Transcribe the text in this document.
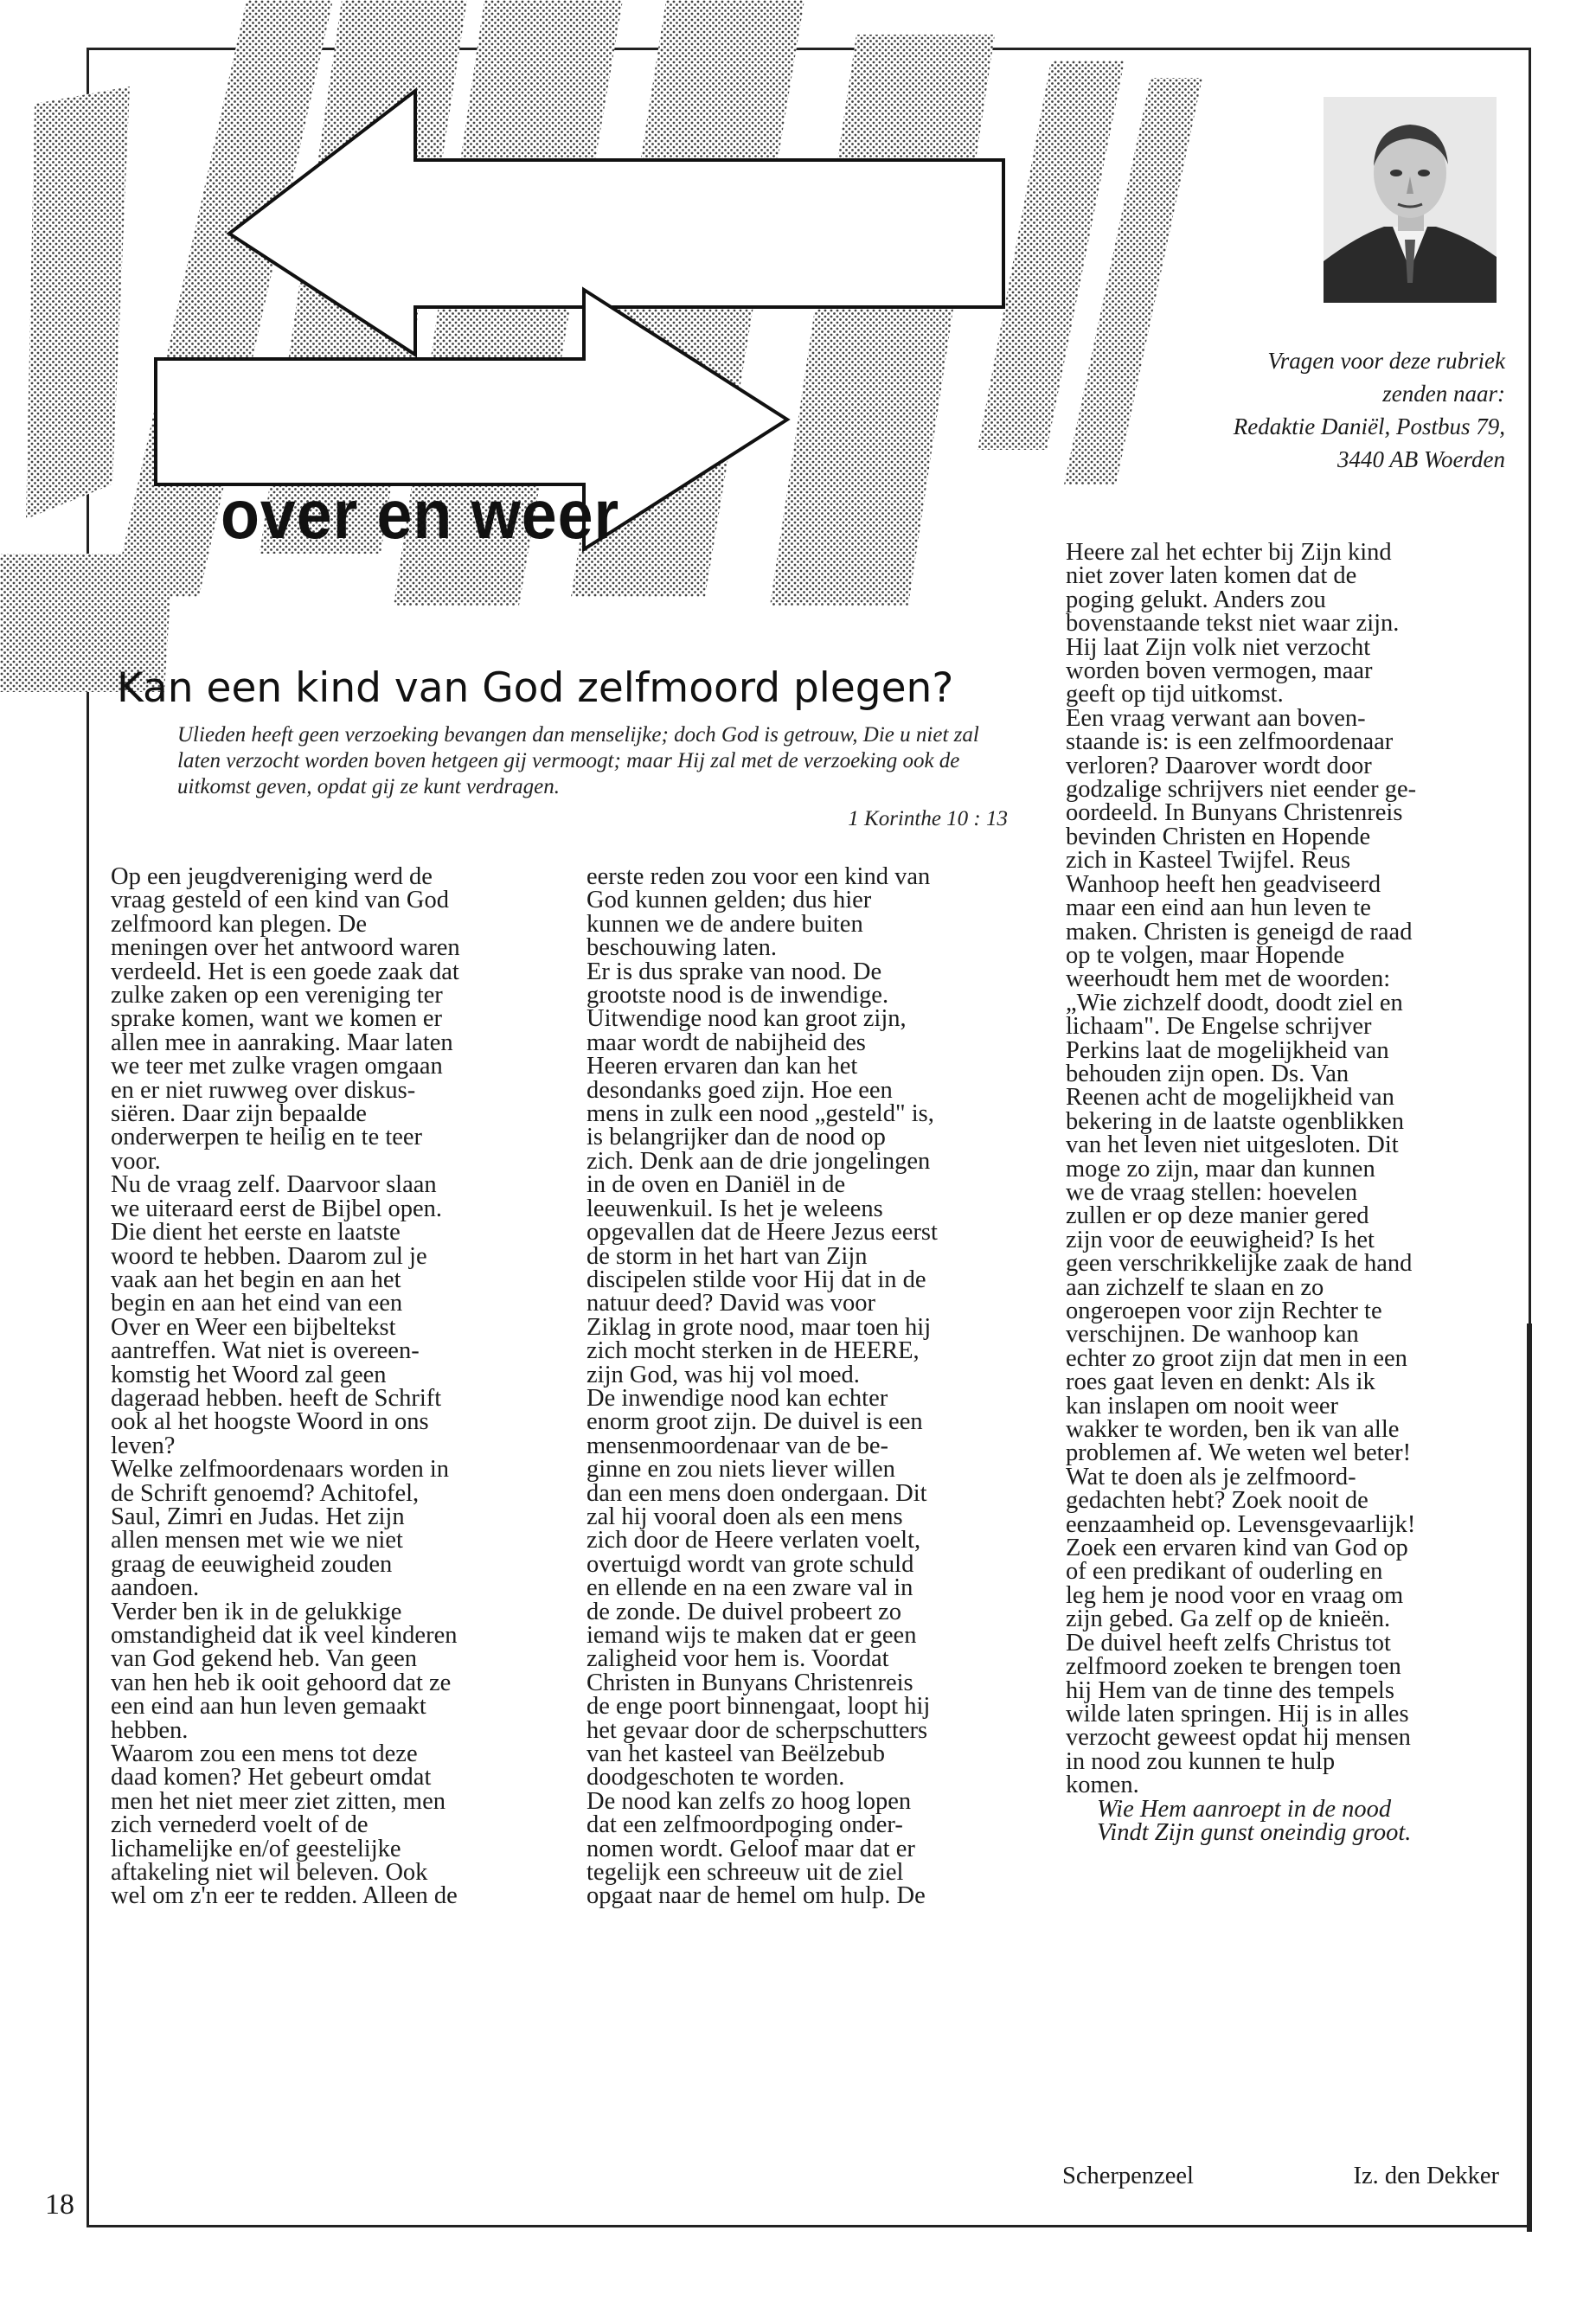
over en weer
Vragen voor deze rubriek
zenden naar:
Redaktie Daniël, Postbus 79,
3440 AB Woerden
Kan een kind van God zelfmoord plegen?
Ulieden heeft geen verzoeking bevangen dan menselijke; doch God is getrouw, Die u niet zal laten verzocht worden boven hetgeen gij vermoogt; maar Hij zal met de verzoeking ook de uitkomst geven, opdat gij ze kunt verdragen.
1 Korinthe 10 : 13

Op een jeugdvereniging werd de

vraag gesteld of een kind van God

zelfmoord kan plegen. De

meningen over het antwoord waren

verdeeld. Het is een goede zaak dat

zulke zaken op een vereniging ter

sprake komen, want we komen er

allen mee in aanraking. Maar laten

we teer met zulke vragen omgaan

en er niet ruwweg over diskus-

siëren. Daar zijn bepaalde

onderwerpen te heilig en te teer

voor.

Nu de vraag zelf. Daarvoor slaan

we uiteraard eerst de Bijbel open.

Die dient het eerste en laatste

woord te hebben. Daarom zul je

vaak aan het begin en aan het

begin en aan het eind van een

Over en Weer een bijbeltekst

aantreffen. Wat niet is overeen-

komstig het Woord zal geen

dageraad hebben. heeft de Schrift

ook al het hoogste Woord in ons

leven?

Welke zelfmoordenaars worden in

de Schrift genoemd? Achitofel,

Saul, Zimri en Judas. Het zijn

allen mensen met wie we niet

graag de eeuwigheid zouden

aandoen.

Verder ben ik in de gelukkige

omstandigheid dat ik veel kinderen

van God gekend heb. Van geen

van hen heb ik ooit gehoord dat ze

een eind aan hun leven gemaakt

hebben.

Waarom zou een mens tot deze

daad komen? Het gebeurt omdat

men het niet meer ziet zitten, men

zich vernederd voelt of de

lichamelijke en/of geestelijke

aftakeling niet wil beleven. Ook

wel om z'n eer te redden. Alleen de

eerste reden zou voor een kind van

God kunnen gelden; dus hier

kunnen we de andere buiten

beschouwing laten.

Er is dus sprake van nood. De

grootste nood is de inwendige.

Uitwendige nood kan groot zijn,

maar wordt de nabijheid des

Heeren ervaren dan kan het

desondanks goed zijn. Hoe een

mens in zulk een nood „gesteld" is,

is belangrijker dan de nood op

zich. Denk aan de drie jongelingen

in de oven en Daniël in de

leeuwenkuil. Is het je weleens

opgevallen dat de Heere Jezus eerst

de storm in het hart van Zijn

discipelen stilde voor Hij dat in de

natuur deed? David was voor

Ziklag in grote nood, maar toen hij

zich mocht sterken in de HEERE,

zijn God, was hij vol moed.

De inwendige nood kan echter

enorm groot zijn. De duivel is een

mensenmoordenaar van de be-

ginne en zou niets liever willen

dan een mens doen ondergaan. Dit

zal hij vooral doen als een mens

zich door de Heere verlaten voelt,

overtuigd wordt van grote schuld

en ellende en na een zware val in

de zonde. De duivel probeert zo

iemand wijs te maken dat er geen

zaligheid voor hem is. Voordat

Christen in Bunyans Christenreis

de enge poort binnengaat, loopt hij

het gevaar door de scherpschutters

van het kasteel van Beëlzebub

doodgeschoten te worden.

De nood kan zelfs zo hoog lopen

dat een zelfmoordpoging onder-

nomen wordt. Geloof maar dat er

tegelijk een schreeuw uit de ziel

opgaat naar de hemel om hulp. De

Heere zal het echter bij Zijn kind

niet zover laten komen dat de

poging gelukt. Anders zou

bovenstaande tekst niet waar zijn.

Hij laat Zijn volk niet verzocht

worden boven vermogen, maar

geeft op tijd uitkomst.

Een vraag verwant aan boven-

staande is: is een zelfmoordenaar

verloren? Daarover wordt door

godzalige schrijvers niet eender ge-

oordeeld. In Bunyans Christenreis

bevinden Christen en Hopende

zich in Kasteel Twijfel. Reus

Wanhoop heeft hen geadviseerd

maar een eind aan hun leven te

maken. Christen is geneigd de raad

op te volgen, maar Hopende

weerhoudt hem met de woorden:

„Wie zichzelf doodt, doodt ziel en

lichaam". De Engelse schrijver

Perkins laat de mogelijkheid van

behouden zijn open. Ds. Van

Reenen acht de mogelijkheid van

bekering in de laatste ogenblikken

van het leven niet uitgesloten. Dit

moge zo zijn, maar dan kunnen

we de vraag stellen: hoevelen

zullen er op deze manier gered

zijn voor de eeuwigheid? Is het

geen verschrikkelijke zaak de hand

aan zichzelf te slaan en zo

ongeroepen voor zijn Rechter te

verschijnen. De wanhoop kan

echter zo groot zijn dat men in een

roes gaat leven en denkt: Als ik

kan inslapen om nooit weer

wakker te worden, ben ik van alle

problemen af. We weten wel beter!

Wat te doen als je zelfmoord-

gedachten hebt? Zoek nooit de

eenzaamheid op. Levensgevaarlijk!

Zoek een ervaren kind van God op

of een predikant of ouderling en

leg hem je nood voor en vraag om

zijn gebed. Ga zelf op de knieën.

De duivel heeft zelfs Christus tot

zelfmoord zoeken te brengen toen

hij Hem van de tinne des tempels

wilde laten springen. Hij is in alles

verzocht geweest opdat hij mensen

in nood zou kunnen te hulp

komen.

Wie Hem aanroept in de nood

Vindt Zijn gunst oneindig groot.

Scherpenzeel	Iz. den Dekker
18
